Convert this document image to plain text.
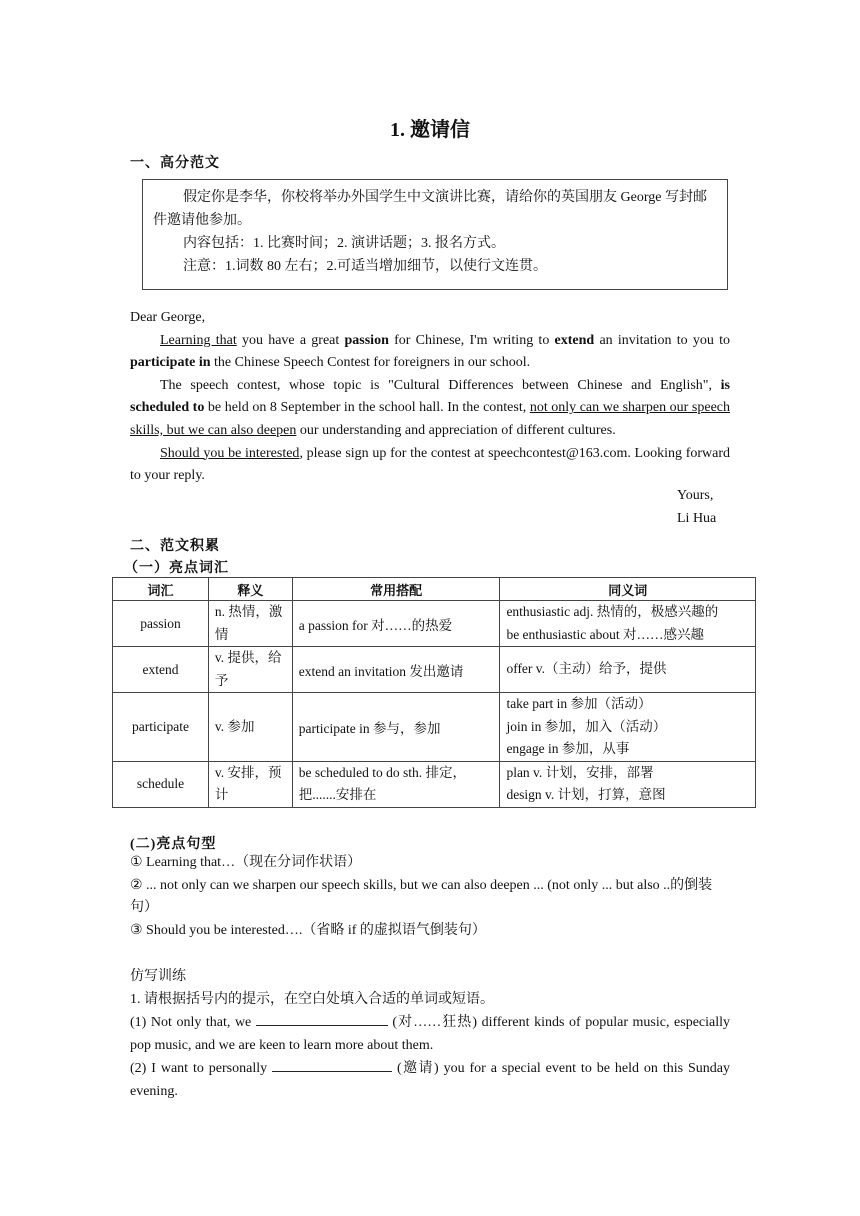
1. 邀请信
一、高分范文

假定你是李华，你校将举办外国学生中文演讲比赛，请给你的英国朋友 George 写封邮件邀请他参加。

内容包括：1. 比赛时间；2. 演讲话题；3. 报名方式。

注意：1.词数 80 左右；2.可适当增加细节，以使行文连贯。

Dear George,

Learning that you have a great passion for Chinese, I'm writing to extend an invitation to you to participate in the Chinese Speech Contest for foreigners in our school.

The speech contest, whose topic is "Cultural Differences between Chinese and English", is scheduled to be held on 8 September in the school hall. In the contest, not only can we sharpen our speech skills, but we can also deepen our understanding and appreciation of different cultures.

Should you be interested, please sign up for the contest at speechcontest@163.com. Looking forward to your reply.

Yours,
Li Hua
二、范文积累
（一）亮点词汇
词汇	释义	常用搭配	同义词
passion	n. 热情，激情	a passion for 对……的热爱	enthusiastic adj. 热情的，极感兴趣的
be enthusiastic about 对……感兴趣

extend	v. 提供，给予	extend an invitation 发出邀请	offer v.（主动）给予，提供

participate	v. 参加	participate in 参与，参加	take part in 参加（活动）
join in 参加，加入（活动）
engage in 参加，从事

schedule	v. 安排，预计	be scheduled to do sth. 排定，把.......安排在	plan v. 计划，安排，部署
design v. 计划，打算，意图
(二)亮点句型

① Learning that…（现在分词作状语）

② ... not only can we sharpen our speech skills, but we can also deepen ... (not only ... but also ..的倒装句）

③ Should you be interested….（省略 if 的虚拟语气倒装句）

仿写训练

1. 请根据括号内的提示，在空白处填入合适的单词或短语。

(1) Not only that, we	(对……狂热) different kinds of popular music, especially pop music, and we are keen to learn more about them.

(2) I want to personally	(邀请) you for a special event to be held on this Sunday evening.
